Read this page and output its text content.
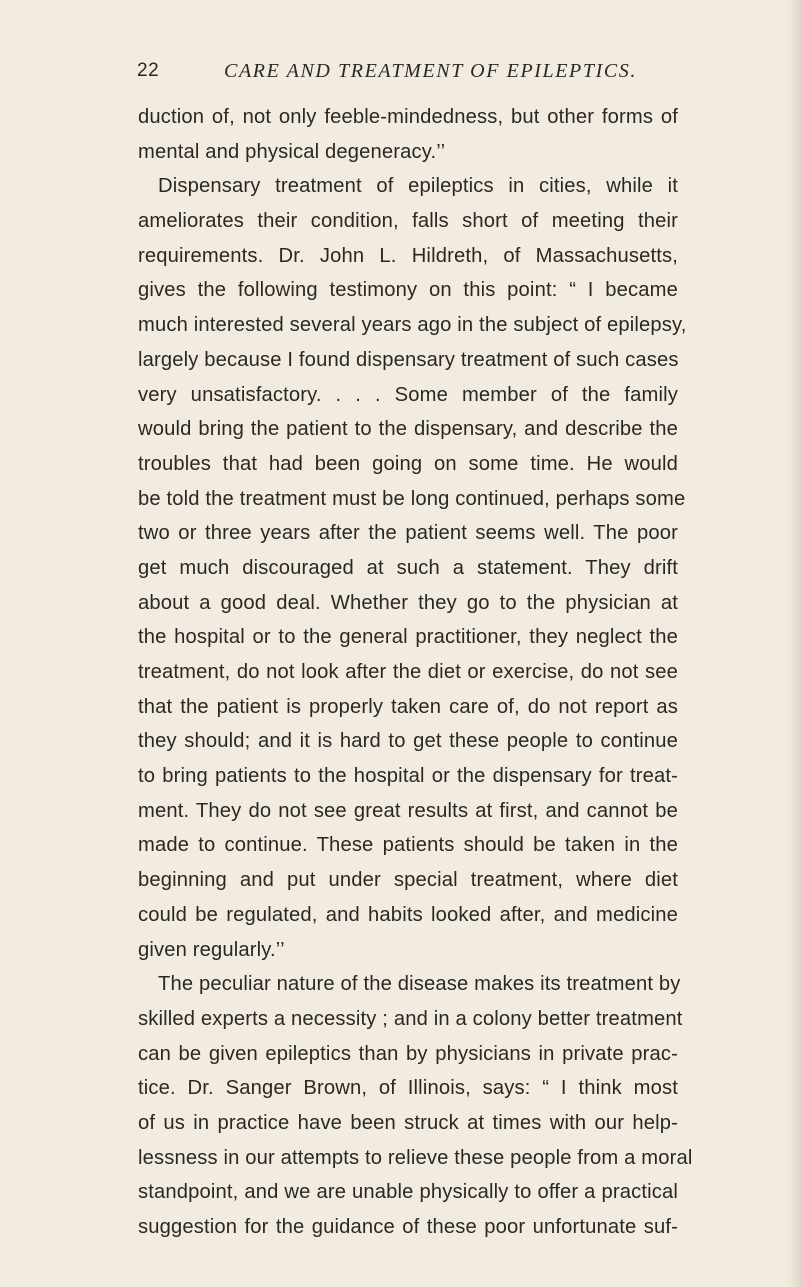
22	CARE AND TREATMENT OF EPILEPTICS.
duction of, not only feeble-mindedness, but other forms of
mental and physical degeneracy.’’
Dispensary treatment of epileptics in cities, while it
ameliorates their condition, falls short of meeting their
requirements. Dr. John L. Hildreth, of Massachusetts,
gives the following testimony on this point: “ I became
much interested several years ago in the subject of epilepsy,
largely because I found dispensary treatment of such cases
very unsatisfactory. . . . Some member of the family
would bring the patient to the dispensary, and describe the
troubles that had been going on some time. He would
be told the treatment must be long continued, perhaps some
two or three years after the patient seems well. The poor
get much discouraged at such a statement. They drift
about a good deal. Whether they go to the physician at
the hospital or to the general practitioner, they neglect the
treatment, do not look after the diet or exercise, do not see
that the patient is properly taken care of, do not report as
they should; and it is hard to get these people to continue
to bring patients to the hospital or the dispensary for treat-
ment. They do not see great results at first, and cannot be
made to continue. These patients should be taken in the
beginning and put under special treatment, where diet
could be regulated, and habits looked after, and medicine
given regularly.’’
The peculiar nature of the disease makes its treatment by
skilled experts a necessity ; and in a colony better treatment
can be given epileptics than by physicians in private prac-
tice. Dr. Sanger Brown, of Illinois, says: “ I think most
of us in practice have been struck at times with our help-
lessness in our attempts to relieve these people from a moral
standpoint, and we are unable physically to offer a practical
suggestion for the guidance of these poor unfortunate suf-
